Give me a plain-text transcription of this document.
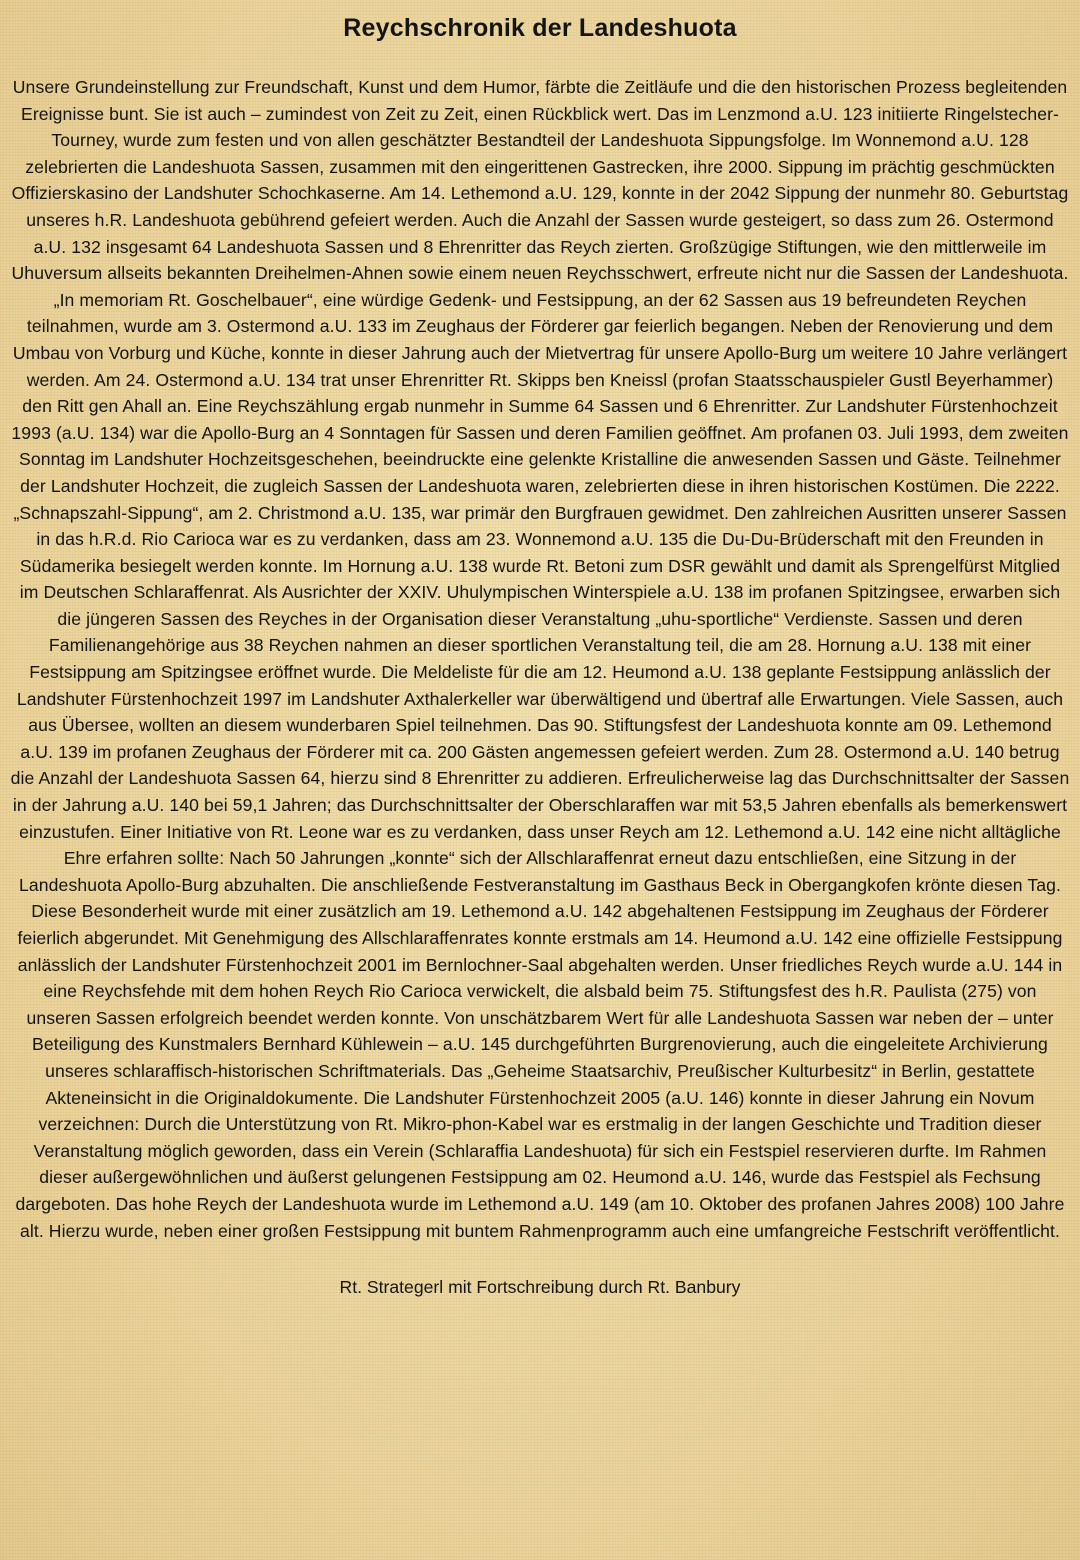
Reychschronik der Landeshuota

Unsere Grundeinstellung zur Freundschaft, Kunst und dem Humor, färbte die Zeitläufe und die den historischen Prozess begleitenden Ereignisse bunt. Sie ist auch – zumindest von Zeit zu Zeit, einen Rückblick wert. Das im Lenzmond a.U. 123 initiierte Ringelstecher-Tourney, wurde zum festen und von allen geschätzter Bestandteil der Landeshuota Sippungsfolge. Im Wonnemond a.U. 128 zelebrierten die Landeshuota Sassen, zusammen mit den eingerittenen Gastrecken, ihre 2000. Sippung im prächtig geschmückten Offizierskasino der Landshuter Schochkaserne. Am 14. Lethemond a.U. 129, konnte in der 2042 Sippung der nunmehr 80. Geburtstag unseres h.R. Landeshuota gebührend gefeiert werden. Auch die Anzahl der Sassen wurde gesteigert, so dass zum 26. Ostermond a.U. 132 insgesamt 64 Landeshuota Sassen und 8 Ehrenritter das Reych zierten. Großzügige Stiftungen, wie den mittlerweile im Uhuversum allseits bekannten Dreihelmen-Ahnen sowie einem neuen Reychsschwert, erfreute nicht nur die Sassen der Landeshuota. „In memoriam Rt. Goschelbauer“, eine würdige Gedenk- und Festsippung, an der 62 Sassen aus 19 befreundeten Reychen teilnahmen, wurde am 3. Ostermond a.U. 133 im Zeughaus der Förderer gar feierlich begangen. Neben der Renovierung und dem Umbau von Vorburg und Küche, konnte in dieser Jahrung auch der Mietvertrag für unsere Apollo-Burg um weitere 10 Jahre verlängert werden. Am 24. Ostermond a.U. 134 trat unser Ehrenritter Rt. Skipps ben Kneissl (profan Staatsschauspieler Gustl Beyerhammer) den Ritt gen Ahall an. Eine Reychszählung ergab nunmehr in Summe 64 Sassen und 6 Ehrenritter. Zur Landshuter Fürstenhochzeit 1993 (a.U. 134) war die Apollo-Burg an 4 Sonntagen für Sassen und deren Familien geöffnet. Am profanen 03. Juli 1993, dem zweiten Sonntag im Landshuter Hochzeitsgeschehen, beeindruckte eine gelenkte Kristalline die anwesenden Sassen und Gäste. Teilnehmer der Landshuter Hochzeit, die zugleich Sassen der Landeshuota waren, zelebrierten diese in ihren historischen Kostümen. Die 2222. „Schnapszahl-Sippung“, am 2. Christmond a.U. 135, war primär den Burgfrauen gewidmet. Den zahlreichen Ausritten unserer Sassen in das h.R.d. Rio Carioca war es zu verdanken, dass am 23. Wonnemond a.U. 135 die Du-Du-Brüderschaft mit den Freunden in Südamerika besiegelt werden konnte. Im Hornung a.U. 138 wurde Rt. Betoni zum DSR gewählt und damit als Sprengelfürst Mitglied im Deutschen Schlaraffenrat. Als Ausrichter der XXIV. Uhulympischen Winterspiele a.U. 138 im profanen Spitzingsee, erwarben sich die jüngeren Sassen des Reyches in der Organisation dieser Veranstaltung „uhu-sportliche“ Verdienste. Sassen und deren Familienangehörige aus 38 Reychen nahmen an dieser sportlichen Veranstaltung teil, die am 28. Hornung a.U. 138 mit einer Festsippung am Spitzingsee eröffnet wurde. Die Meldeliste für die am 12. Heumond a.U. 138 geplante Festsippung anlässlich der Landshuter Fürstenhochzeit 1997 im Landshuter Axthalerkeller war überwältigend und übertraf alle Erwartungen. Viele Sassen, auch aus Übersee, wollten an diesem wunderbaren Spiel teilnehmen. Das 90. Stiftungsfest der Landeshuota konnte am 09. Lethemond a.U. 139 im profanen Zeughaus der Förderer mit ca. 200 Gästen angemessen gefeiert werden. Zum 28. Ostermond a.U. 140 betrug die Anzahl der Landeshuota Sassen 64, hierzu sind 8 Ehrenritter zu addieren. Erfreulicherweise lag das Durchschnittsalter der Sassen in der Jahrung a.U. 140 bei 59,1 Jahren; das Durchschnittsalter der Oberschlaraffen war mit 53,5 Jahren ebenfalls als bemerkenswert einzustufen. Einer Initiative von Rt. Leone war es zu verdanken, dass unser Reych am 12. Lethemond a.U. 142 eine nicht alltägliche Ehre erfahren sollte: Nach 50 Jahrungen „konnte“ sich der Allschlaraffenrat erneut dazu entschließen, eine Sitzung in der Landeshuota Apollo-Burg abzuhalten. Die anschließende Festveranstaltung im Gasthaus Beck in Obergangkofen krönte diesen Tag. Diese Besonderheit wurde mit einer zusätzlich am 19. Lethemond a.U. 142 abgehaltenen Festsippung im Zeughaus der Förderer feierlich abgerundet. Mit Genehmigung des Allschlaraffenrates konnte erstmals am 14. Heumond a.U. 142 eine offizielle Festsippung anlässlich der Landshuter Fürstenhochzeit 2001 im Bernlochner-Saal abgehalten werden. Unser friedliches Reych wurde a.U. 144 in eine Reychsfehde mit dem hohen Reych Rio Carioca verwickelt, die alsbald beim 75. Stiftungsfest des h.R. Paulista (275) von unseren Sassen erfolgreich beendet werden konnte. Von unschätzbarem Wert für alle Landeshuota Sassen war neben der – unter Beteiligung des Kunstmalers Bernhard Kühlewein – a.U. 145 durchgeführten Burgrenovierung, auch die eingeleitete Archivierung unseres schlaraffisch-historischen Schriftmaterials. Das „Geheime Staatsarchiv, Preußischer Kulturbesitz“ in Berlin, gestattete Akteneinsicht in die Originaldokumente. Die Landshuter Fürstenhochzeit 2005 (a.U. 146) konnte in dieser Jahrung ein Novum verzeichnen: Durch die Unterstützung von Rt. Mikro-phon-Kabel war es erstmalig in der langen Geschichte und Tradition dieser Veranstaltung möglich geworden, dass ein Verein (Schlaraffia Landeshuota) für sich ein Festspiel reservieren durfte. Im Rahmen dieser außergewöhnlichen und äußerst gelungenen Festsippung am 02. Heumond a.U. 146, wurde das Festspiel als Fechsung dargeboten. Das hohe Reych der Landeshuota wurde im Lethemond a.U. 149 (am 10. Oktober des profanen Jahres 2008) 100 Jahre alt. Hierzu wurde, neben einer großen Festsippung mit buntem Rahmenprogramm auch eine umfangreiche Festschrift veröffentlicht.

Rt. Strategerl mit Fortschreibung durch Rt. Banbury
